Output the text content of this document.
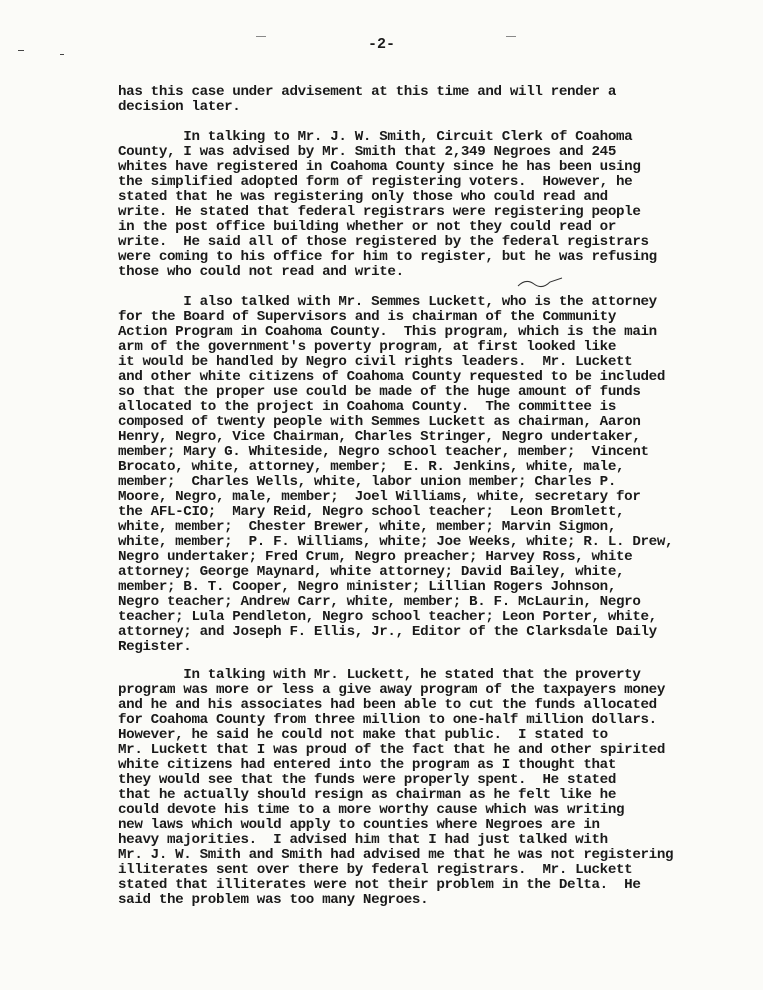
-2-
has this case under advisement at this time and will render a
decision later.
In talking to Mr. J. W. Smith, Circuit Clerk of Coahoma
County, I was advised by Mr. Smith that 2,349 Negroes and 245
whites have registered in Coahoma County since he has been using
the simplified adopted form of registering voters.  However, he
stated that he was registering only those who could read and
write. He stated that federal registrars were registering people
in the post office building whether or not they could read or
write.  He said all of those registered by the federal registrars
were coming to his office for him to register, but he was refusing
those who could not read and write.
I also talked with Mr. Semmes Luckett, who is the attorney
for the Board of Supervisors and is chairman of the Community
Action Program in Coahoma County.  This program, which is the main
arm of the government's poverty program, at first looked like
it would be handled by Negro civil rights leaders.  Mr. Luckett
and other white citizens of Coahoma County requested to be included
so that the proper use could be made of the huge amount of funds
allocated to the project in Coahoma County.  The committee is
composed of twenty people with Semmes Luckett as chairman, Aaron
Henry, Negro, Vice Chairman, Charles Stringer, Negro undertaker,
member; Mary G. Whiteside, Negro school teacher, member;  Vincent
Brocato, white, attorney, member;  E. R. Jenkins, white, male,
member;  Charles Wells, white, labor union member; Charles P.
Moore, Negro, male, member;  Joel Williams, white, secretary for
the AFL-CIO;  Mary Reid, Negro school teacher;  Leon Bromlett,
white, member;  Chester Brewer, white, member; Marvin Sigmon,
white, member;  P. F. Williams, white; Joe Weeks, white; R. L. Drew,
Negro undertaker; Fred Crum, Negro preacher; Harvey Ross, white
attorney; George Maynard, white attorney; David Bailey, white,
member; B. T. Cooper, Negro minister; Lillian Rogers Johnson,
Negro teacher; Andrew Carr, white, member; B. F. McLaurin, Negro
teacher; Lula Pendleton, Negro school teacher; Leon Porter, white,
attorney; and Joseph F. Ellis, Jr., Editor of the Clarksdale Daily
Register.
In talking with Mr. Luckett, he stated that the proverty
program was more or less a give away program of the taxpayers money
and he and his associates had been able to cut the funds allocated
for Coahoma County from three million to one-half million dollars.
However, he said he could not make that public.  I stated to
Mr. Luckett that I was proud of the fact that he and other spirited
white citizens had entered into the program as I thought that
they would see that the funds were properly spent.  He stated
that he actually should resign as chairman as he felt like he
could devote his time to a more worthy cause which was writing
new laws which would apply to counties where Negroes are in
heavy majorities.  I advised him that I had just talked with
Mr. J. W. Smith and Smith had advised me that he was not registering
illiterates sent over there by federal registrars.  Mr. Luckett
stated that illiterates were not their problem in the Delta.  He
said the problem was too many Negroes.
